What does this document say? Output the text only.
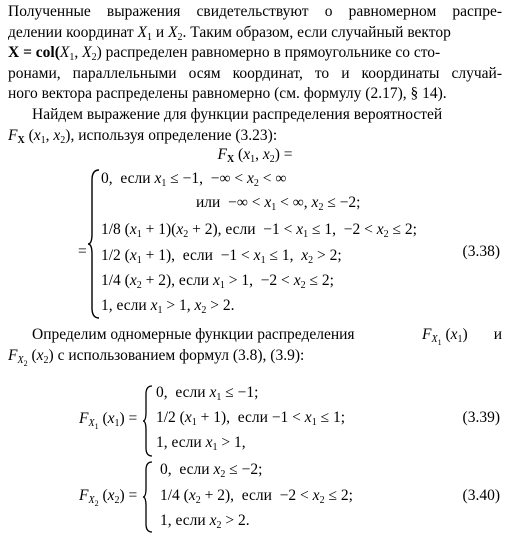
Полученные выражения свидетельствуют о равномерном распре-
делении координат $X_1$ и $X_2$. Таким образом, если случайный вектор
$X = col(X_1$, $X_2$) распределен равномерно в прямоугольнике со сто-
ронами, параллельными осям координат, то и координаты случай-
ного вектора распределены равномерно (см. формулу (2.17), § 14).
Найдем выражение для функции распределения вероятностей
$F_X$ ($x_1$, $x_2$), используя определение (3.23):
$F_X$ ($x_1$, $x_2$) =
=
0,  если $x_1 \le -1$,  −∞ < $x_2$ < ∞
или  −∞ < $x_1$ < ∞, $x_2 \le -2$;
1/8 $(x_1 + 1)(x_2 + 2)$, если  $-1 < x_1 \le 1$,  $-2 < x_2 \le 2$;
1/2 $(x_1 + 1)$,  если  $-1 < x_1 \le 1$,  $x_2 > 2$;
1/4 $(x_2 + 2)$, если $x_1 > 1$,  $-2 < x_2 \le 2$;
1, если $x_1 > 1$, $x_2 > 2$.
(3.38)
Определим одномерные функции распределения	$F_{X_1}$ $(x_1)$ и
$F_{X_2}$ $(x_2)$ с использованием формул (3.8), (3.9):
$F_{X_1}$ $(x_1)$ =
0,  если $x_1 \le -1$;
1/2 $(x_1 + 1)$,  если $-1 < x_1 \le 1$;
1, если $x_1 > 1$,
(3.39)
$F_{X_2}$ $(x_2)$ =
0,  если $x_2 \le -2$;
1/4 $(x_2 + 2)$,  если  $-2 < x_2 \le 2$;
1, если $x_2 > 2$.
(3.40)
